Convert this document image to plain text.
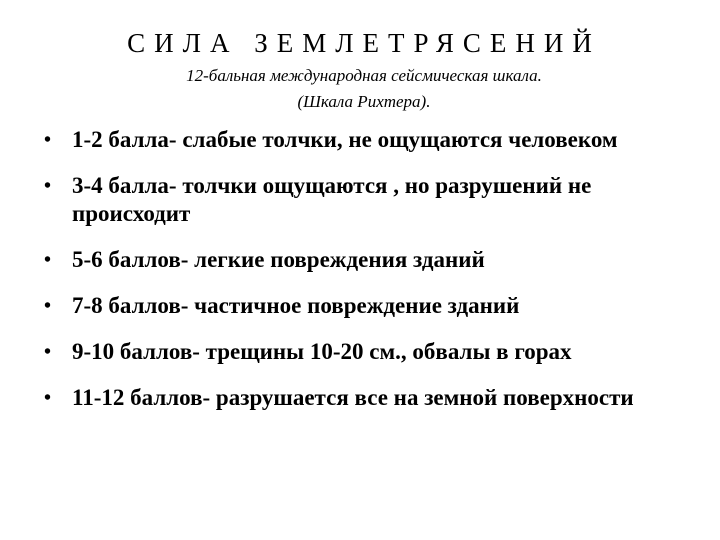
СИЛА ЗЕМЛЕТРЯСЕНИЙ

12-бальная международная сейсмическая шкала.

(Шкала Рихтера).

• 1-2 балла- слабые толчки, не ощущаются человеком
• 3-4 балла- толчки ощущаются , но разрушений не происходит
• 5-6 баллов- легкие повреждения зданий
• 7-8 баллов- частичное повреждение зданий
• 9-10 баллов- трещины 10-20 см., обвалы в горах
• 11-12 баллов- разрушается все на земной поверхности
